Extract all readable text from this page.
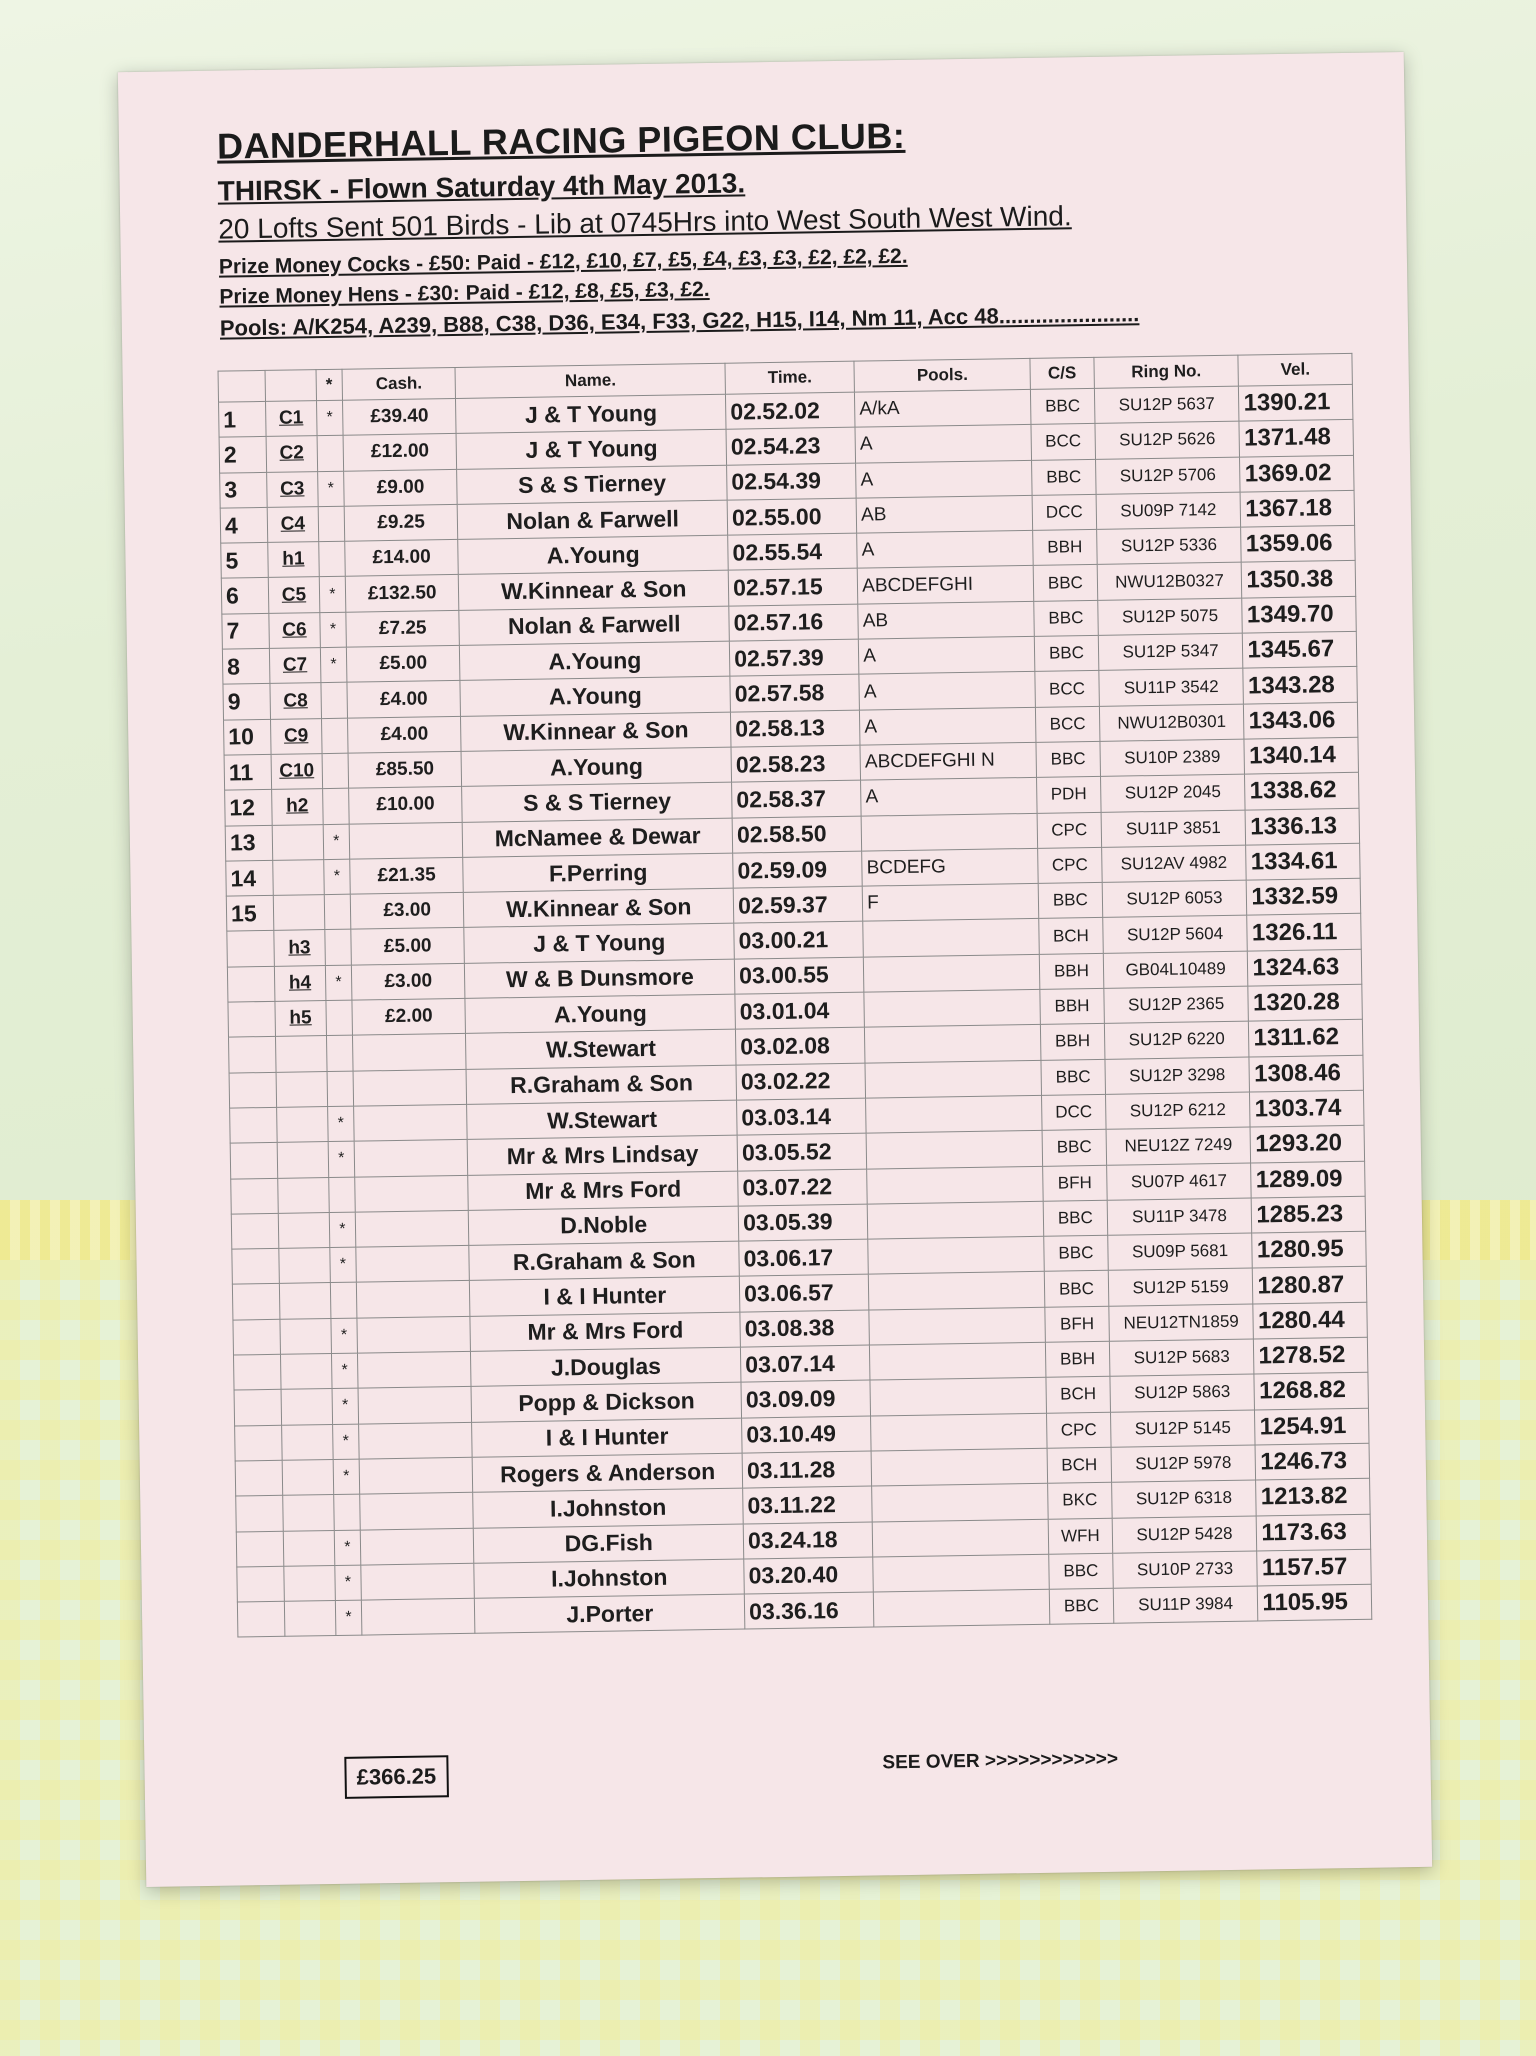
DANDERHALL RACING PIGEON CLUB:
THIRSK - Flown Saturday 4th May 2013.
20 Lofts Sent 501 Birds - Lib at 0745Hrs into West South West Wind.
Prize Money Cocks - £50: Paid - £12, £10, £7, £5, £4, £3, £3, £2, £2, £2.
Prize Money Hens - £30: Paid - £12, £8, £5, £3, £2.
Pools: A/K254, A239, B88, C38, D36, E34, F33, G22, H15, I14, Nm 11, Acc 48.......................
		*	Cash.	Name.	Time.	Pools.	C/S	Ring No.	Vel.
1	C1	*	£39.40	J & T Young	02.52.02	A/kA	BBC	SU12P 5637	1390.21
2	C2		£12.00	J & T Young	02.54.23	A	BCC	SU12P 5626	1371.48
3	C3	*	£9.00	S & S Tierney	02.54.39	A	BBC	SU12P 5706	1369.02
4	C4		£9.25	Nolan & Farwell	02.55.00	AB	DCC	SU09P 7142	1367.18
5	h1		£14.00	A.Young	02.55.54	A	BBH	SU12P 5336	1359.06
6	C5	*	£132.50	W.Kinnear & Son	02.57.15	ABCDEFGHI	BBC	NWU12B0327	1350.38
7	C6	*	£7.25	Nolan & Farwell	02.57.16	AB	BBC	SU12P 5075	1349.70
8	C7	*	£5.00	A.Young	02.57.39	A	BBC	SU12P 5347	1345.67
9	C8		£4.00	A.Young	02.57.58	A	BCC	SU11P 3542	1343.28
10	C9		£4.00	W.Kinnear & Son	02.58.13	A	BCC	NWU12B0301	1343.06
11	C10		£85.50	A.Young	02.58.23	ABCDEFGHI N	BBC	SU10P 2389	1340.14
12	h2		£10.00	S & S Tierney	02.58.37	A	PDH	SU12P 2045	1338.62
13		*		McNamee & Dewar	02.58.50		CPC	SU11P 3851	1336.13
14		*	£21.35	F.Perring	02.59.09	BCDEFG	CPC	SU12AV 4982	1334.61
15			£3.00	W.Kinnear & Son	02.59.37	F	BBC	SU12P 6053	1332.59
	h3		£5.00	J & T Young	03.00.21		BCH	SU12P 5604	1326.11
	h4	*	£3.00	W & B Dunsmore	03.00.55		BBH	GB04L10489	1324.63
	h5		£2.00	A.Young	03.01.04		BBH	SU12P 2365	1320.28
				W.Stewart	03.02.08		BBH	SU12P 6220	1311.62
				R.Graham & Son	03.02.22		BBC	SU12P 3298	1308.46
		*		W.Stewart	03.03.14		DCC	SU12P 6212	1303.74
		*		Mr & Mrs Lindsay	03.05.52		BBC	NEU12Z 7249	1293.20
				Mr & Mrs Ford	03.07.22		BFH	SU07P 4617	1289.09
		*		D.Noble	03.05.39		BBC	SU11P 3478	1285.23
		*		R.Graham & Son	03.06.17		BBC	SU09P 5681	1280.95
				I & I Hunter	03.06.57		BBC	SU12P 5159	1280.87
		*		Mr & Mrs Ford	03.08.38		BFH	NEU12TN1859	1280.44
		*		J.Douglas	03.07.14		BBH	SU12P 5683	1278.52
		*		Popp & Dickson	03.09.09		BCH	SU12P 5863	1268.82
		*		I & I Hunter	03.10.49		CPC	SU12P 5145	1254.91
		*		Rogers & Anderson	03.11.28		BCH	SU12P 5978	1246.73
				I.Johnston	03.11.22		BKC	SU12P 6318	1213.82
		*		DG.Fish	03.24.18		WFH	SU12P 5428	1173.63
		*		I.Johnston	03.20.40		BBC	SU10P 2733	1157.57
		*		J.Porter	03.36.16		BBC	SU11P 3984	1105.95
£366.25
SEE OVER >>>>>>>>>>>>
